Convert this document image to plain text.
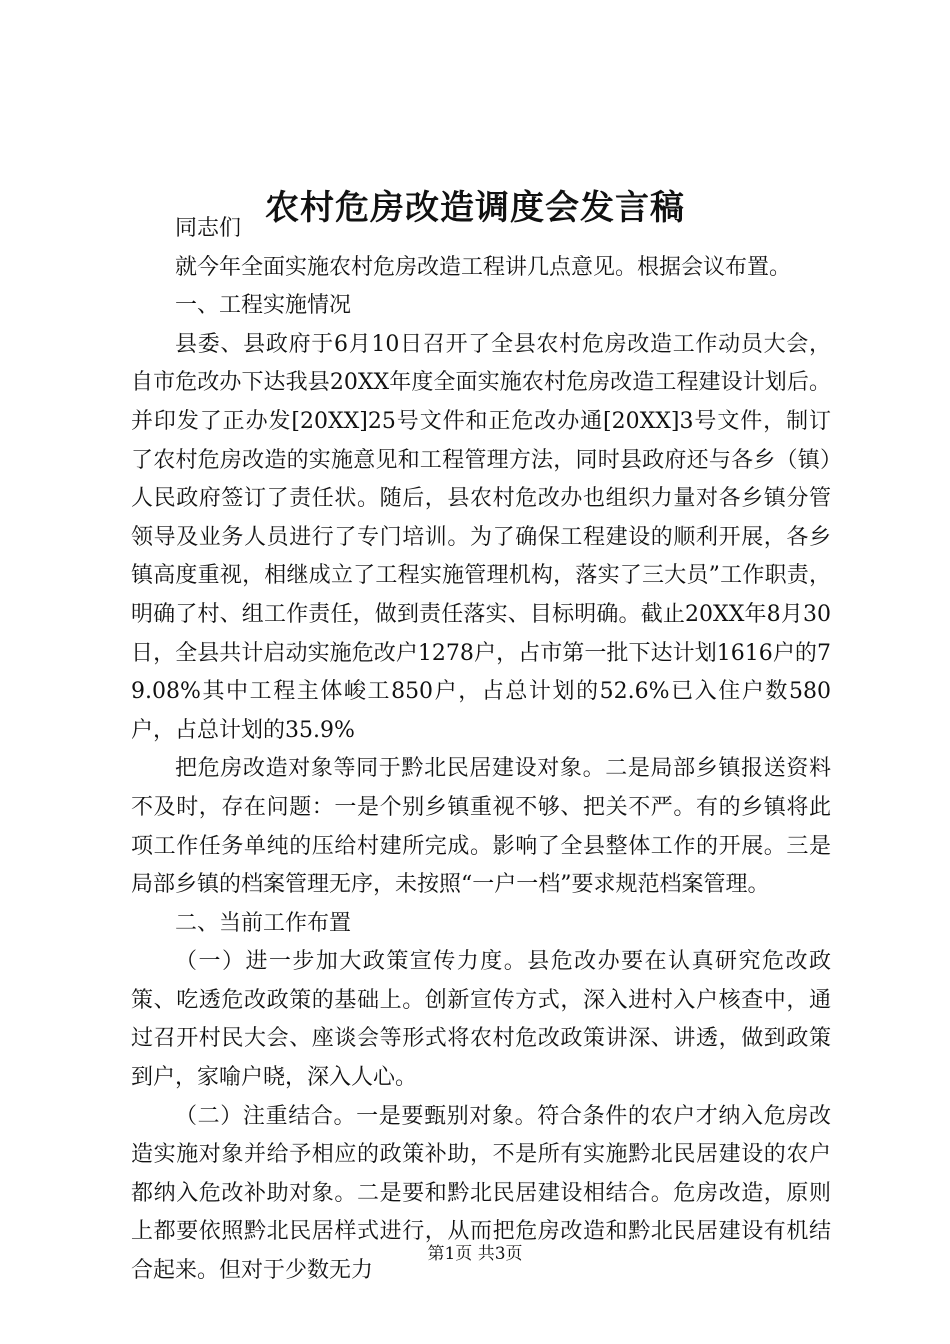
农村危房改造调度会发言稿

同志们

就今年全面实施农村危房改造工程讲几点意见。根据会议布置。

一、工程实施情况

县委、县政府于6月10日召开了全县农村危房改造工作动员大会，自市危改办下达我县20XX年度全面实施农村危房改造工程建设计划后。并印发了正办发[20XX]25号文件和正危改办通[20XX]3号文件，制订了农村危房改造的实施意见和工程管理方法，同时县政府还与各乡（镇）人民政府签订了责任状。随后，县农村危改办也组织力量对各乡镇分管领导及业务人员进行了专门培训。为了确保工程建设的顺利开展，各乡镇高度重视，相继成立了工程实施管理机构，落实了三大员”工作职责，明确了村、组工作责任，做到责任落实、目标明确。截止20XX年8月30日，全县共计启动实施危改户1278户，占市第一批下达计划1616户的79.08%其中工程主体峻工850户，占总计划的52.6%已入住户数580户，占总计划的35.9%

把危房改造对象等同于黔北民居建设对象。二是局部乡镇报送资料不及时，存在问题：一是个别乡镇重视不够、把关不严。有的乡镇将此项工作任务单纯的压给村建所完成。影响了全县整体工作的开展。三是局部乡镇的档案管理无序，未按照“一户一档”要求规范档案管理。

二、当前工作布置

（一）进一步加大政策宣传力度。县危改办要在认真研究危改政策、吃透危改政策的基础上。创新宣传方式，深入进村入户核查中，通过召开村民大会、座谈会等形式将农村危改政策讲深、讲透，做到政策到户，家喻户晓，深入人心。

（二）注重结合。一是要甄别对象。符合条件的农户才纳入危房改造实施对象并给予相应的政策补助，不是所有实施黔北民居建设的农户都纳入危改补助对象。二是要和黔北民居建设相结合。危房改造，原则上都要依照黔北民居样式进行，从而把危房改造和黔北民居建设有机结合起来。但对于少数无力

第1页 共3页
